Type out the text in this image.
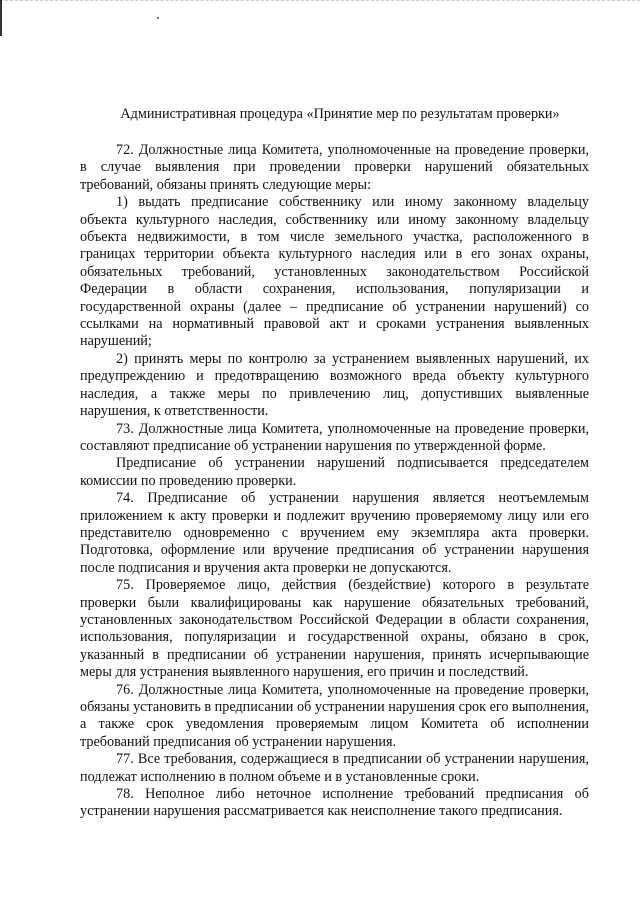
Административная процедура «Принятие мер по результатам проверки»

72. Должностные лица Комитета, уполномоченные на проведение проверки, в случае выявления при проведении проверки нарушений обязательных требований, обязаны принять следующие меры:

1) выдать предписание собственнику или иному законному владельцу объекта культурного наследия, собственнику или иному законному владельцу объекта недвижимости, в том числе земельного участка, расположенного в границах территории объекта культурного наследия или в его зонах охраны, обязательных требований, установленных законодательством Российской Федерации в области сохранения, использования, популяризации и государственной охраны (далее – предписание об устранении нарушений) со ссылками на нормативный правовой акт и сроками устранения выявленных нарушений;

2) принять меры по контролю за устранением выявленных нарушений, их предупреждению и предотвращению возможного вреда объекту культурного наследия, а также меры по привлечению лиц, допустивших выявленные нарушения, к ответственности.

73. Должностные лица Комитета, уполномоченные на проведение проверки, составляют предписание об устранении нарушения по утвержденной форме.

Предписание об устранении нарушений подписывается председателем комиссии по проведению проверки.

74. Предписание об устранении нарушения является неотъемлемым приложением к акту проверки и подлежит вручению проверяемому лицу или его представителю одновременно с вручением ему экземпляра акта проверки. Подготовка, оформление или вручение предписания об устранении нарушения после подписания и вручения акта проверки не допускаются.

75. Проверяемое лицо, действия (бездействие) которого в результате проверки были квалифицированы как нарушение обязательных требований, установленных законодательством Российской Федерации в области сохранения, использования, популяризации и государственной охраны, обязано в срок, указанный в предписании об устранении нарушения, принять исчерпывающие меры для устранения выявленного нарушения, его причин и последствий.

76. Должностные лица Комитета, уполномоченные на проведение проверки, обязаны установить в предписании об устранении нарушения срок его выполнения, а также срок уведомления проверяемым лицом Комитета об исполнении требований предписания об устранении нарушения.

77. Все требования, содержащиеся в предписании об устранении нарушения, подлежат исполнению в полном объеме и в установленные сроки.

78. Неполное либо неточное исполнение требований предписания об устранении нарушения рассматривается как неисполнение такого предписания.
